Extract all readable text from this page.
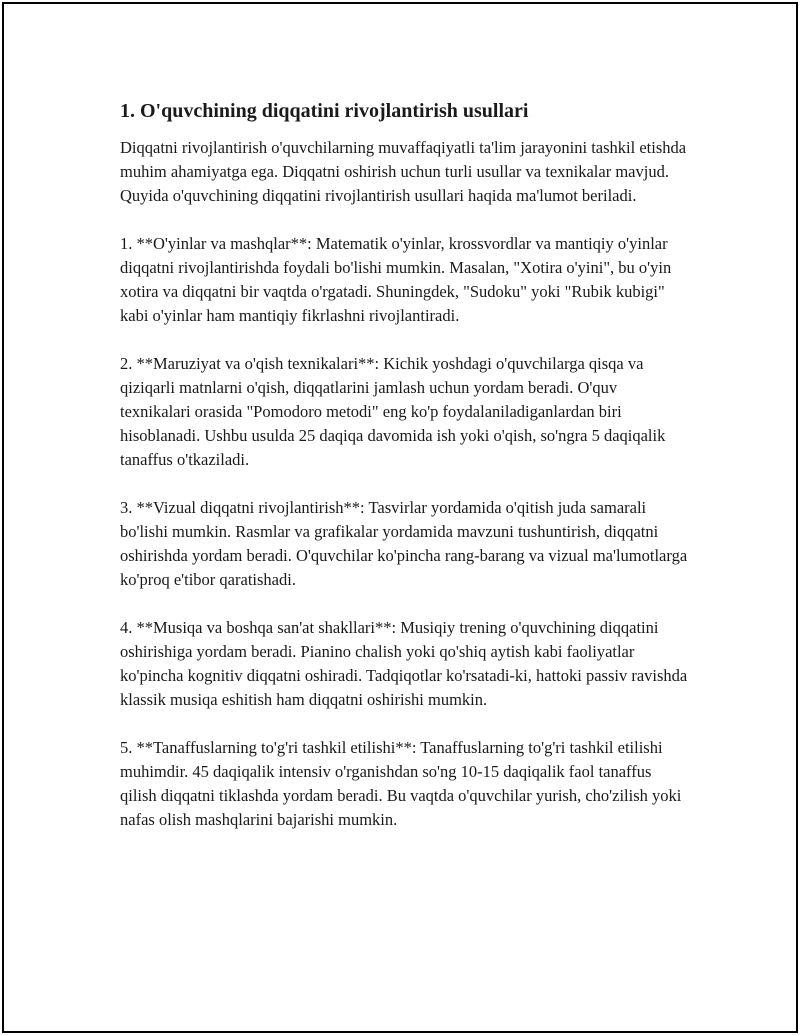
1. O'quvchining diqqatini rivojlantirish usullari

Diqqatni rivojlantirish o'quvchilarning muvaffaqiyatli ta'lim jarayonini tashkil etishda muhim ahamiyatga ega. Diqqatni oshirish uchun turli usullar va texnikalar mavjud. Quyida o'quvchining diqqatini rivojlantirish usullari haqida ma'lumot beriladi.

1. **O'yinlar va mashqlar**: Matematik o'yinlar, krossvordlar va mantiqiy o'yinlar diqqatni rivojlantirishda foydali bo'lishi mumkin. Masalan, "Xotira o'yini", bu o'yin xotira va diqqatni bir vaqtda o'rgatadi. Shuningdek, "Sudoku" yoki "Rubik kubigi" kabi o'yinlar ham mantiqiy fikrlashni rivojlantiradi.

2. **Maruziyat va o'qish texnikalari**: Kichik yoshdagi o'quvchilarga qisqa va qiziqarli matnlarni o'qish, diqqatlarini jamlash uchun yordam beradi. O'quv texnikalari orasida "Pomodoro metodi" eng ko'p foydalaniladiganlardan biri hisoblanadi. Ushbu usulda 25 daqiqa davomida ish yoki o'qish, so'ngra 5 daqiqalik tanaffus o'tkaziladi.

3. **Vizual diqqatni rivojlantirish**: Tasvirlar yordamida o'qitish juda samarali bo'lishi mumkin. Rasmlar va grafikalar yordamida mavzuni tushuntirish, diqqatni oshirishda yordam beradi. O'quvchilar ko'pincha rang-barang va vizual ma'lumotlarga ko'proq e'tibor qaratishadi.

4. **Musiqa va boshqa san'at shakllari**: Musiqiy trening o'quvchining diqqatini oshirishiga yordam beradi. Pianino chalish yoki qo'shiq aytish kabi faoliyatlar ko'pincha kognitiv diqqatni oshiradi. Tadqiqotlar ko'rsatadi-ki, hattoki passiv ravishda klassik musiqa eshitish ham diqqatni oshirishi mumkin.

5. **Tanaffuslarning to'g'ri tashkil etilishi**: Tanaffuslarning to'g'ri tashkil etilishi muhimdir. 45 daqiqalik intensiv o'rganishdan so'ng 10-15 daqiqalik faol tanaffus qilish diqqatni tiklashda yordam beradi. Bu vaqtda o'quvchilar yurish, cho'zilish yoki nafas olish mashqlarini bajarishi mumkin.
